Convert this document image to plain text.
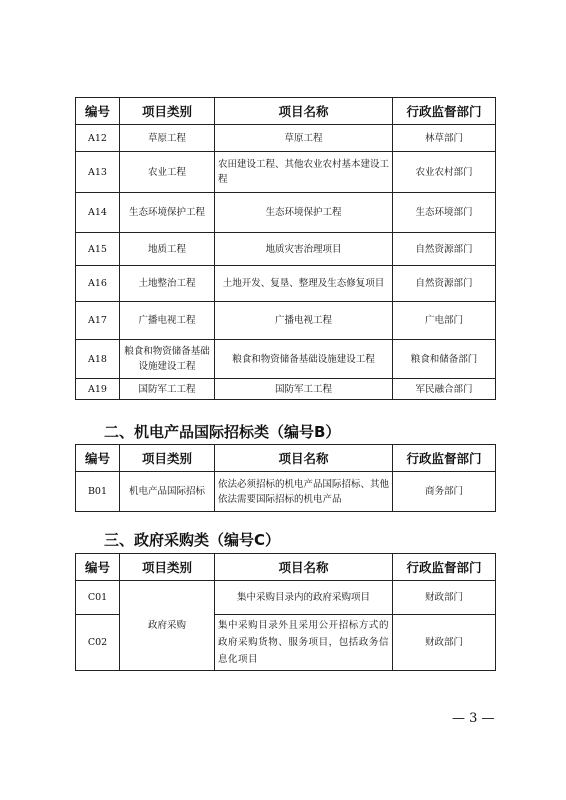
编号	项目类别	项目名称	行政监督部门
A12	草原工程	草原工程	林草部门
A13	农业工程	农田建设工程、其他农业农村基本建设工程	农业农村部门
A14	生态环境保护工程	生态环境保护工程	生态环境部门
A15	地质工程	地质灾害治理项目	自然资源部门
A16	土地整治工程	土地开发、复垦、整理及生态修复项目	自然资源部门
A17	广播电视工程	广播电视工程	广电部门
A18	粮食和物资储备基础设施建设工程	粮食和物资储备基础设施建设工程	粮食和储备部门
A19	国防军工工程	国防军工工程	军民融合部门
二、机电产品国际招标类（编号B）
编号	项目类别	项目名称	行政监督部门
B01	机电产品国际招标	依法必须招标的机电产品国际招标、其他依法需要国际招标的机电产品	商务部门
三、政府采购类（编号C）
编号	项目类别	项目名称	行政监督部门
C01	政府采购	集中采购目录内的政府采购项目	财政部门
C02		集中采购目录外且采用公开招标方式的政府采购货物、服务项目，包括政务信息化项目	财政部门
— 3 —
